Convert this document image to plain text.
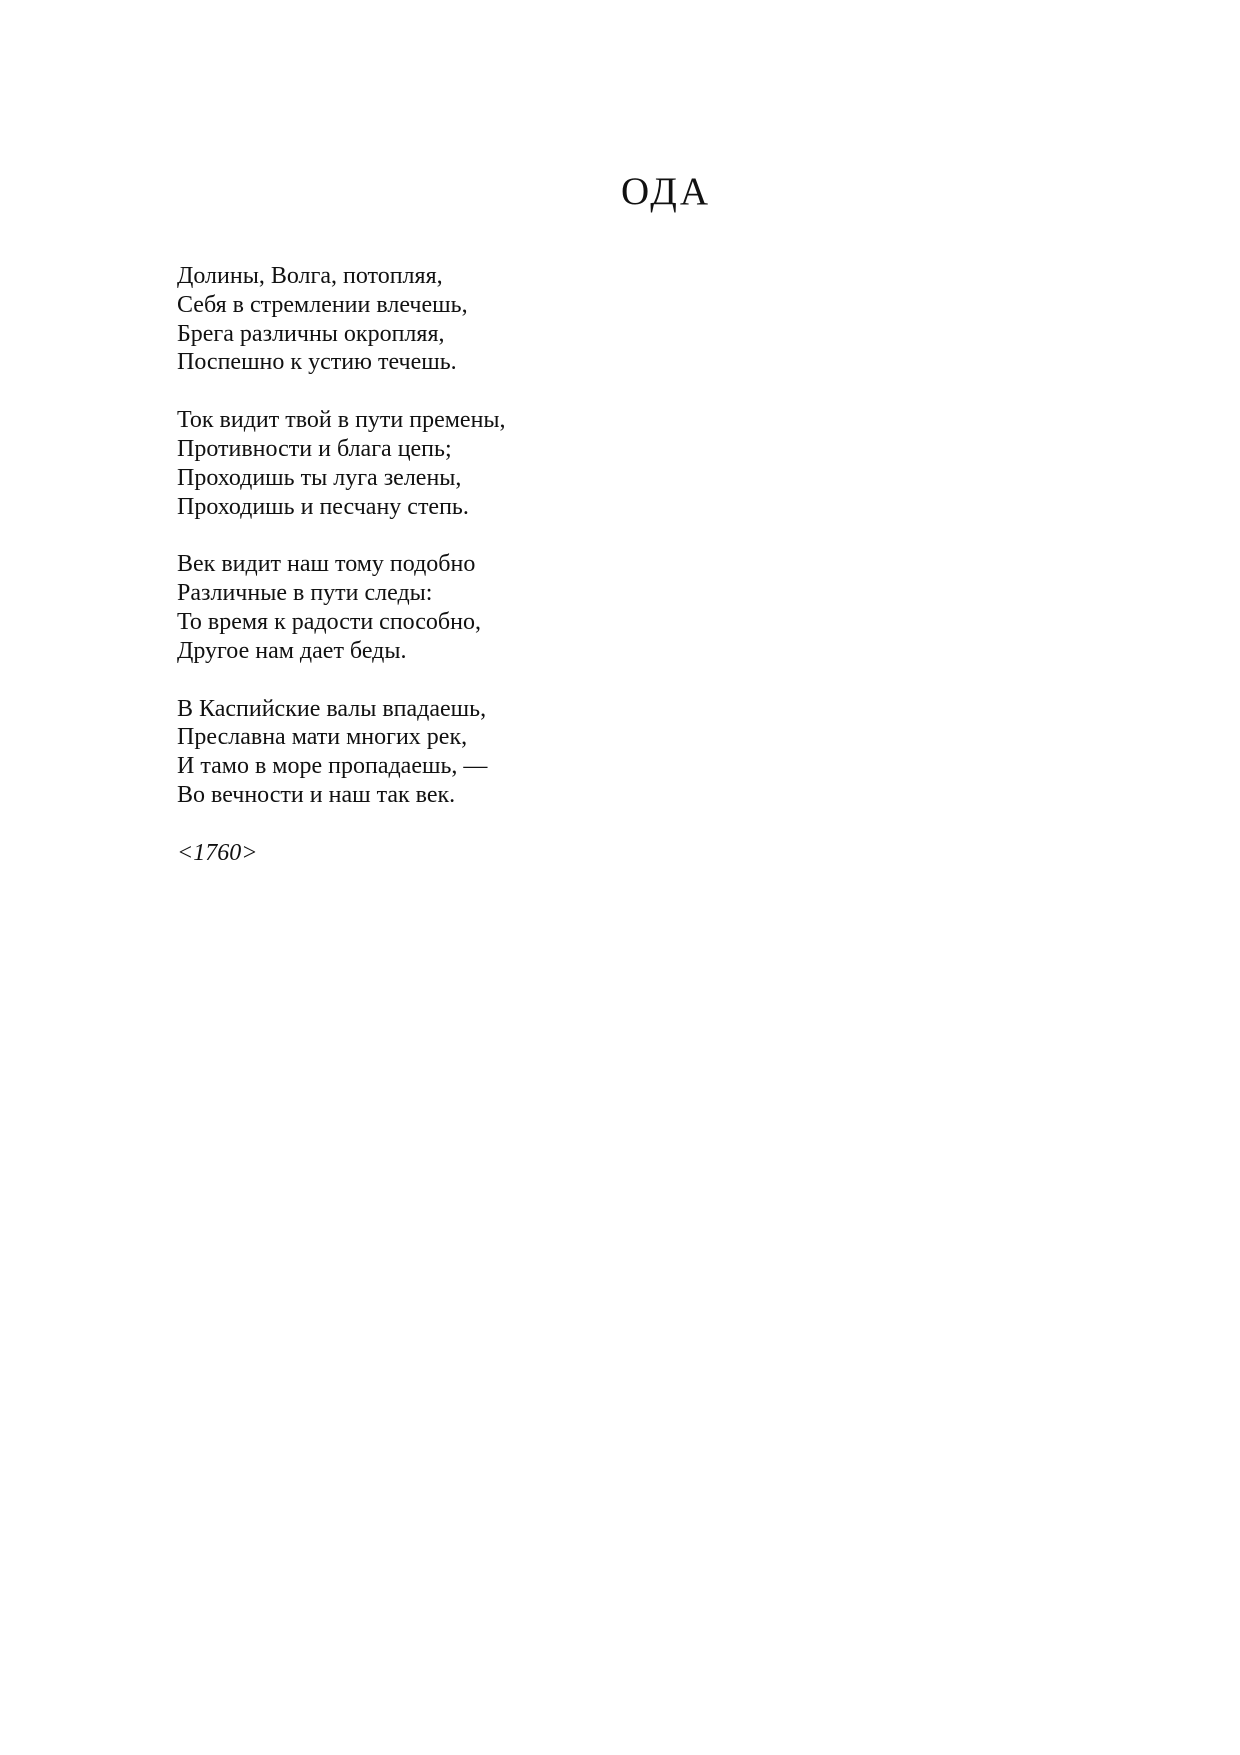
ОДА
Долины, Волга, потопляя,
Себя в стремлении влечешь,
Брега различны окропляя,
Поспешно к устию течешь.
Ток видит твой в пути премены,
Противности и блага цепь;
Проходишь ты луга зелены,
Проходишь и песчану степь.
Век видит наш тому подобно
Различные в пути следы:
То время к радости способно,
Другое нам дает беды.
В Каспийские валы впадаешь,
Преславна мати многих рек,
И тамо в море пропадаешь, —
Во вечности и наш так век.
<1760>
